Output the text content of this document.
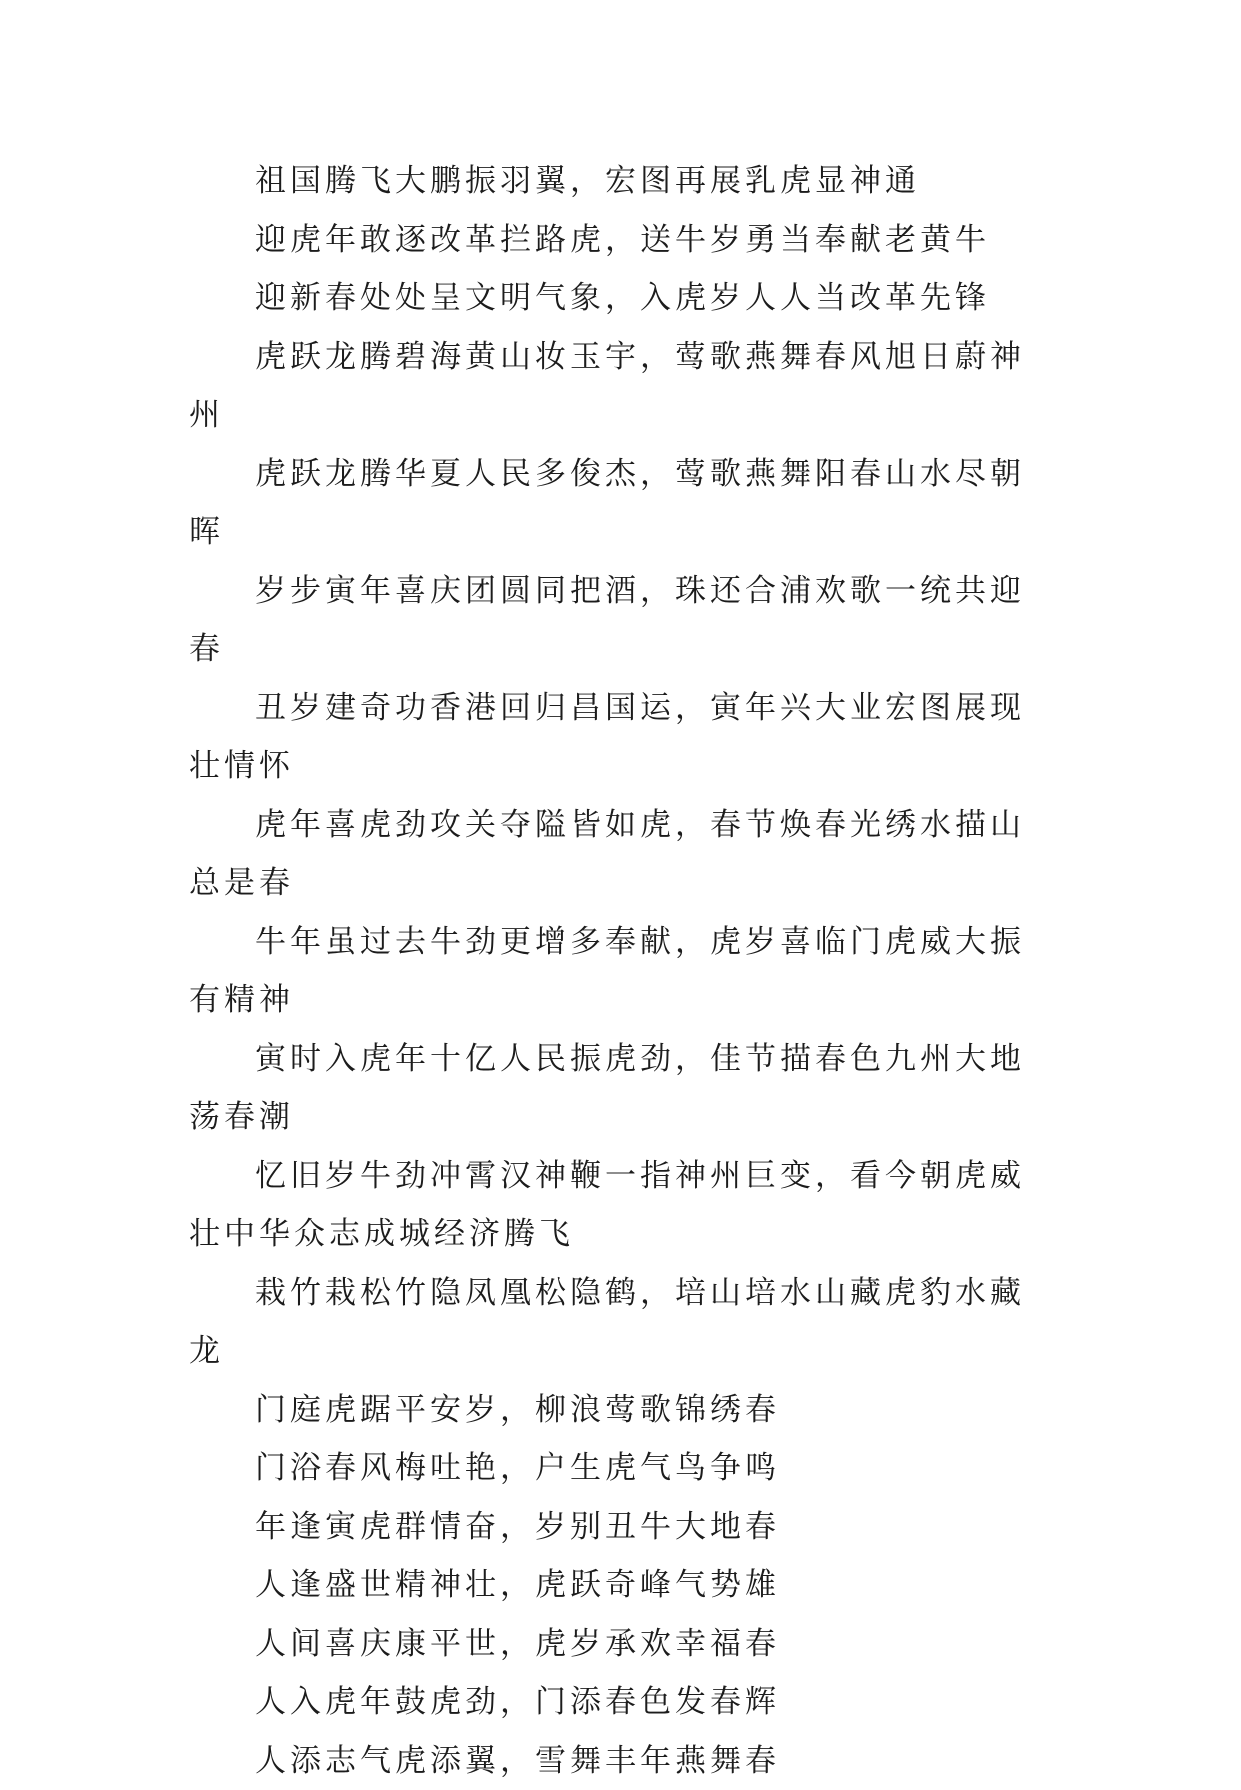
祖国腾飞大鹏振羽翼，宏图再展乳虎显神通

迎虎年敢逐改革拦路虎，送牛岁勇当奉献老黄牛

迎新春处处呈文明气象，入虎岁人人当改革先锋

虎跃龙腾碧海黄山妆玉宇，莺歌燕舞春风旭日蔚神州

虎跃龙腾华夏人民多俊杰，莺歌燕舞阳春山水尽朝晖

岁步寅年喜庆团圆同把酒，珠还合浦欢歌一统共迎春

丑岁建奇功香港回归昌国运，寅年兴大业宏图展现壮情怀

虎年喜虎劲攻关夺隘皆如虎，春节焕春光绣水描山总是春

牛年虽过去牛劲更增多奉献，虎岁喜临门虎威大振有精神

寅时入虎年十亿人民振虎劲，佳节描春色九州大地荡春潮

忆旧岁牛劲冲霄汉神鞭一指神州巨变，看今朝虎威壮中华众志成城经济腾飞

栽竹栽松竹隐凤凰松隐鹤，培山培水山藏虎豹水藏龙

门庭虎踞平安岁，柳浪莺歌锦绣春

门浴春风梅吐艳，户生虎气鸟争鸣

年逢寅虎群情奋，岁别丑牛大地春

人逢盛世精神壮，虎跃奇峰气势雄

人间喜庆康平世，虎岁承欢幸福春

人入虎年鼓虎劲，门添春色发春辉

人添志气虎添翼，雪舞丰年燕舞春
